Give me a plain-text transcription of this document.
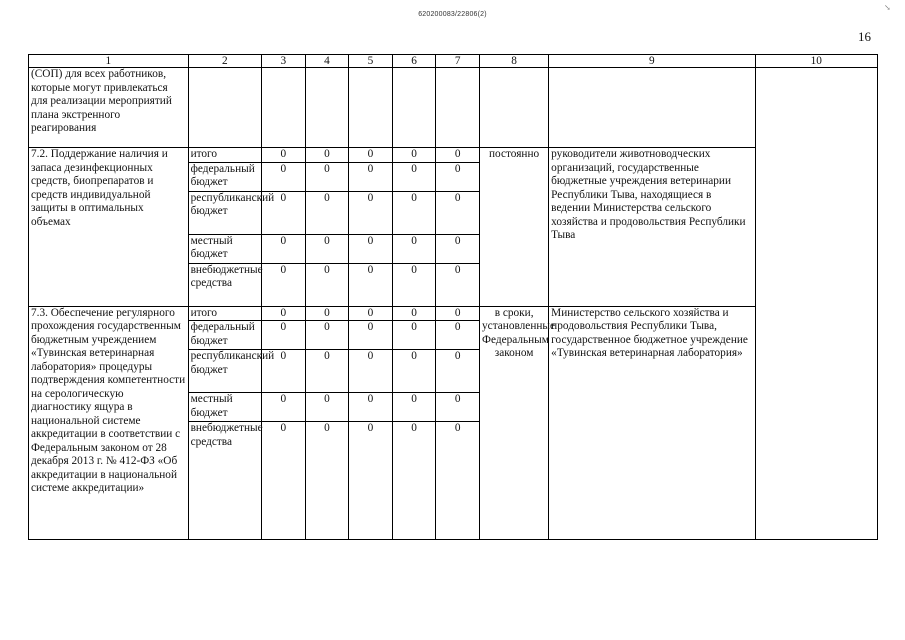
620200083/22806(2)
↘
16
1	2	3	4	5	6	7	8	9	10
(СОП) для всех работников, которые могут привлекаться для реализации мероприятий плана экстренного реагирования									
7.2. Поддержание наличия и запаса дезинфекционных средств, биопрепаратов и средств индивидуальной защиты в оптимальных объемах	итого	0	0	0	0	0	постоянно	руководители животноводческих организаций, государственные бюджетные учреждения ветеринарии Республики Тыва, находящиеся в ведении Министерства сельского хозяйства и продовольствия Республики Тыва	
	федеральный бюджет	0	0	0	0	0			
	республиканский бюджет	0	0	0	0	0			
	местный бюджет	0	0	0	0	0			
	внебюджетные средства	0	0	0	0	0			
7.3. Обеспечение регулярного прохождения государственным бюджетным учреждением «Тувинская ветеринарная лаборатория» процедуры подтверждения компетентности на серологическую диагностику ящура в национальной системе аккредитации в соответствии с Федеральным законом от 28 декабря 2013 г. № 412-ФЗ «Об аккредитации в национальной системе аккредитации»	итого	0	0	0	0	0	в сроки, установленные Федеральным законом	Министерство сельского хозяйства и продовольствия Республики Тыва, государственное бюджетное учреждение «Тувинская ветеринарная лаборатория»	
	федеральный бюджет	0	0	0	0	0			
	республиканский бюджет	0	0	0	0	0			
	местный бюджет	0	0	0	0	0			
	внебюджетные средства	0	0	0	0	0			
